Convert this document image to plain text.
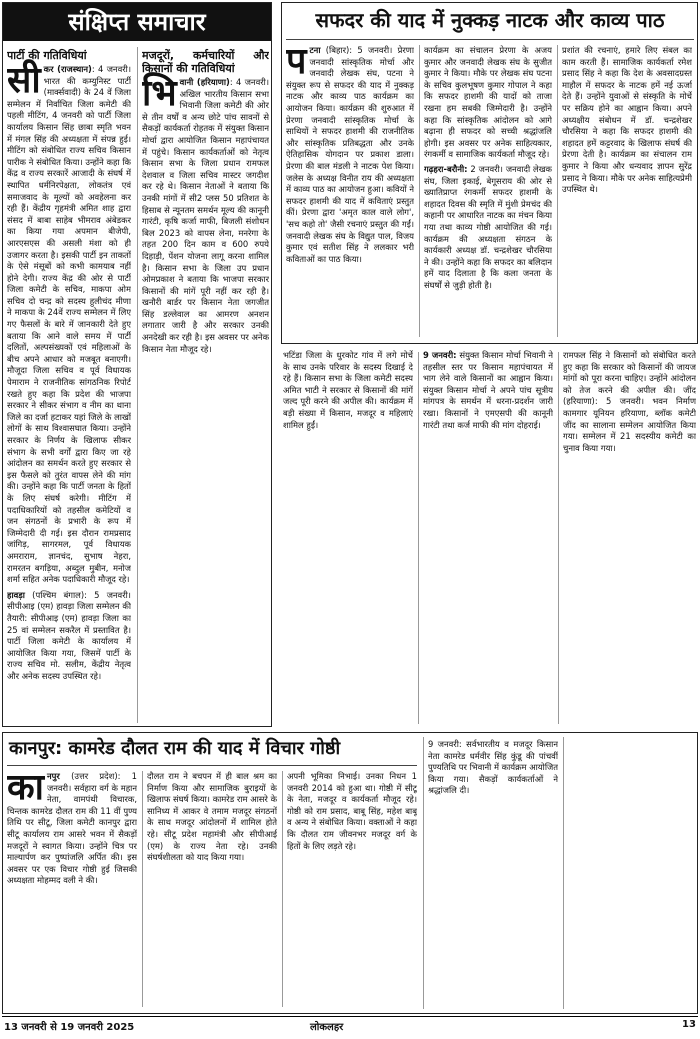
संक्षिप्त समाचार
पार्टी की गतिविधियां
सी कर (राजस्थान): 4 जनवरी। भारत की कम्युनिस्ट पार्टी (मार्क्सवादी) के 24 वें जिला सम्मेलन में निर्वाचित जिला कमेटी की पहली मीटिंग, 4 जनवरी को पार्टी जिला कार्यालय किसान सिंह छाबा स्मृति भवन में मंगल सिंह की अध्यक्षता में संपन्न हुई। मीटिंग को संबोधित राज्य सचिव किसान पारीक ने संबोधित किया। उन्होंने कहा कि केंद्र व राज्य सरकारें आजादी के संघर्ष में स्थापित धर्मनिरपेक्षता, लोकतंत्र एवं समाजवाद के मूल्यों को अवहेलना कर रही हैं। केंद्रीय गृहमंत्री अमित शाह द्वारा संसद में बाबा साहेब भीमराव अंबेडकर का किया गया अपमान बीजेपी, आरएसएस की असली मंशा को ही उजागर करता है। इसकी पार्टी इन ताकतों के ऐसे मंसूबों को कभी कामयाब नहीं होने देगी। राज्य केंद्र की ओर से पार्टी जिला कमेटी के सचिव, माकपा ओम सचिव दो चन्द्र को सदस्य हुलीचंद मीणा ने माकपा के 24वें राज्य सम्मेलन में लिए गए फैसलों के बारे में जानकारी देते हुए बताया कि आने वाले समय में पार्टी दलितों, अल्पसंख्यकों एवं महिलाओं के बीच अपने आधार को मजबूत बनाएगी। मौजूदा जिला सचिव व पूर्व विधायक पेमाराम ने राजनीतिक सांगठनिक रिपोर्ट रखते हुए कहा कि प्रदेश की भाजपा सरकार ने सीकर संभाग व नीम का थाना जिले का दर्जा हटाकर यहां जिले के लाखों लोगों के साथ विश्वासघात किया। उन्होंने सरकार के निर्णय के खिलाफ सीकर संभाग के सभी वर्गों द्वारा किए जा रहे आंदोलन का समर्थन करते हुए सरकार से इस फैसले को तुरंत वापस लेने की मांग की। उन्होंने कहा कि पार्टी जनता के हितों के लिए संघर्ष करेगी। मीटिंग में पदाधिकारियों को तहसील कमेटियों व जन संगठनों के प्रभारी के रूप में जिम्मेदारी दी गई। इस दौरान रामप्रसाद जांगिड़, सागरमल, पूर्व विधायक अमराराम, ज्ञानचंद, सुभाष नेहरा, रामरतन बगड़िया, अब्दुल मुबीन, मनोज शर्मा सहित अनेक पदाधिकारी मौजूद रहे।
हावड़ा (पश्चिम बंगाल): 5 जनवरी। सीपीआइ (एम) हावड़ा जिला सम्मेलन की तैयारी: सीपीआइ (एम) हावड़ा जिला का 25 वां सम्मेलन सकरैल में प्रस्तावित है। पार्टी जिला कमेटी के कार्यालय में आयोजित किया गया, जिसमें पार्टी के राज्य सचिव मो. सलीम, केंद्रीय नेतृत्व और अनेक सदस्य उपस्थित रहे।
मजदूरों, कर्मचारियों और किसानों की गतिविधियां
भि वानी (हरियाणा): 4 जनवरी। अखिल भारतीय किसान सभा भिवानी जिला कमेटी की ओर से तीन वर्षों व अन्य छोटे पांच सावनों से सैकड़ों कार्यकर्ता रोहतक में संयुक्त किसान मोर्चा द्वारा आयोजित किसान महापंचायत में पहुंचे। किसान कार्यकर्ताओं को नेतृत्व किसान सभा के जिला प्रधान रामफल देशवाल व जिला सचिव मास्टर जगदीश कर रहे थे। किसान नेताओं ने बताया कि उनकी मांगों में सी2 प्लस 50 प्रतिशत के हिसाब से न्यूनतम समर्थन मूल्य की कानूनी गारंटी, कृषि कर्जा माफी, बिजली संशोधन बिल 2023 को वापस लेना, मनरेगा के तहत 200 दिन काम व 600 रुपये दिहाड़ी, पेंशन योजना लागू करना शामिल है। किसान सभा के जिला उप प्रधान ओमप्रकाश ने बताया कि भाजपा सरकार किसानों की मांगें पूरी नहीं कर रही है। खनौरी बार्डर पर किसान नेता जगजीत सिंह डल्लेवाल का आमरण अनशन लगातार जारी है और सरकार उनकी अनदेखी कर रही है। इस अवसर पर अनेक किसान नेता मौजूद रहे।
सफदर की याद में नुक्कड़ नाटक और काव्य पाठ
प टना (बिहार): 5 जनवरी। प्रेरणा जनवादी सांस्कृतिक मोर्चा और जनवादी लेखक संघ, पटना ने संयुक्त रूप से सफदर की याद में नुक्कड़ नाटक और काव्य पाठ कार्यक्रम का आयोजन किया। कार्यक्रम की शुरुआत में प्रेरणा जनवादी सांस्कृतिक मोर्चा के साथियों ने सफदर हाशमी की राजनीतिक और सांस्कृतिक प्रतिबद्धता और उनके ऐतिहासिक योगदान पर प्रकाश डाला। प्रेरणा की बाल मंडली ने नाटक पेश किया। जलेस के अध्यक्ष विनीत राय की अध्यक्षता में काव्य पाठ का आयोजन हुआ। कवियों ने सफदर हाशमी की याद में कविताएं प्रस्तुत कीं। प्रेरणा द्वारा 'अमृत काल वाले लोग', 'सच कहो तो' जैसी रचनाएं प्रस्तुत की गईं। जनवादी लेखक संघ के विद्युत पाल, विजय कुमार एवं सतीश सिंह ने ललकार भरी कविताओं का पाठ किया।
कार्यक्रम का संचालन प्रेरणा के अजय कुमार और जनवादी लेखक संघ के सुजीत कुमार ने किया। मौके पर लेखक संघ पटना के सचिव कुलभूषण कुमार गोपाल ने कहा कि सफदर हाशमी की यादों को ताजा रखना हम सबकी जिम्मेदारी है। उन्होंने कहा कि सांस्कृतिक आंदोलन को आगे बढ़ाना ही सफदर को सच्ची श्रद्धांजलि होगी। इस अवसर पर अनेक साहित्यकार, रंगकर्मी व सामाजिक कार्यकर्ता मौजूद रहे।
गढ़हरा-बरौनी: 2 जनवरी। जनवादी लेखक संघ, जिला इकाई, बेगूसराय की ओर से ख्यातिप्राप्त रंगकर्मी सफदर हाशमी के शहादत दिवस की स्मृति में मुंशी प्रेमचंद की कहानी पर आधारित नाटक का मंचन किया गया तथा काव्य गोष्ठी आयोजित की गई। कार्यक्रम की अध्यक्षता संगठन के कार्यकारी अध्यक्ष डॉ. चन्द्रशेखर चौरसिया ने की। उन्होंने कहा कि सफदर का बलिदान हमें याद दिलाता है कि कला जनता के संघर्षों से जुड़ी होती है।
प्रशांत की रचनाएं, हमारे लिए संबल का काम करती हैं। सामाजिक कार्यकर्ता रमेश प्रसाद सिंह ने कहा कि देश के अवसादग्रस्त माहौल में सफदर के नाटक हमें नई ऊर्जा देते हैं। उन्होंने युवाओं से संस्कृति के मोर्चे पर सक्रिय होने का आह्वान किया। अपने अध्यक्षीय संबोधन में डॉ. चन्द्रशेखर चौरसिया ने कहा कि सफदर हाशमी की शहादत हमें कट्टरवाद के खिलाफ संघर्ष की प्रेरणा देती है। कार्यक्रम का संचालन राम कुमार ने किया और धन्यवाद ज्ञापन सुरेंद्र प्रसाद ने किया। मौके पर अनेक साहित्यप्रेमी उपस्थित थे।
भटिंडा जिला के धुरकोट गांव में लगे मोर्चे के साथ उनके परिवार के सदस्य दिखाई दे रहे हैं। किसान सभा के जिला कमेटी सदस्य अमित भाटी ने सरकार से किसानों की मांगें जल्द पूरी करने की अपील की। कार्यक्रम में बड़ी संख्या में किसान, मजदूर व महिलाएं शामिल हुईं।
9 जनवरी: संयुक्त किसान मोर्चा भिवानी ने तहसील स्तर पर किसान महापंचायत में भाग लेने वाले किसानों का आह्वान किया। संयुक्त किसान मोर्चा ने अपने पांच सूत्रीय मांगपत्र के समर्थन में धरना-प्रदर्शन जारी रखा। किसानों ने एमएसपी की कानूनी गारंटी तथा कर्ज माफी की मांग दोहराई।
रामफल सिंह ने किसानों को संबोधित करते हुए कहा कि सरकार को किसानों की जायज मांगों को पूरा करना चाहिए। उन्होंने आंदोलन को तेज करने की अपील की। जींद (हरियाणा): 5 जनवरी। भवन निर्माण कामगार यूनियन हरियाणा, ब्लॉक कमेटी जींद का सालाना सम्मेलन आयोजित किया गया। सम्मेलन में 21 सदस्यीय कमेटी का चुनाव किया गया।
कानपुर: कामरेड दौलत राम की याद में विचार गोष्ठी
का नपुर (उत्तर प्रदेश): 1 जनवरी। सर्वहारा वर्ग के महान नेता, वामपंथी विचारक, चिन्तक कामरेड दौलत राम की 11 वीं पुण्य तिथि पर सीटू, जिला कमेटी कानपुर द्वारा सीटू कार्यालय राम आसरे भवन में सैकड़ों मजदूरों ने स्वागत किया। उन्होंने चित्र पर माल्यार्पण कर पुष्पांजलि अर्पित की। इस अवसर पर एक विचार गोष्ठी हुई जिसकी अध्यक्षता मोहम्मद वली ने की।
दौलत राम ने बचपन में ही बाल श्रम का निर्माण किया और सामाजिक बुराइयों के खिलाफ संघर्ष किया। कामरेड राम आसरे के सानिध्य में आकर वे तमाम मजदूर संगठनों के साथ मजदूर आंदोलनों में शामिल होते रहे। सीटू प्रदेश महामंत्री और सीपीआई (एम) के राज्य नेता रहे। उनकी संघर्षशीलता को याद किया गया।
अपनी भूमिका निभाई। उनका निधन 1 जनवरी 2014 को हुआ था। गोष्ठी में सीटू के नेता, मजदूर व कार्यकर्ता मौजूद रहे। गोष्ठी को राम प्रसाद, बाबू सिंह, महेश बाबू व अन्य ने संबोधित किया। वक्ताओं ने कहा कि दौलत राम जीवनभर मजदूर वर्ग के हितों के लिए लड़ते रहे।
9 जनवरी: सर्वभारतीय व मजदूर किसान नेता कामरेड धर्मवीर सिंह कुंडू की पांचवीं पुण्यतिथि पर भिवानी में कार्यक्रम आयोजित किया गया। सैकड़ों कार्यकर्ताओं ने श्रद्धांजलि दी।
13 जनवरी से 19 जनवरी 2025	लोकलहर	13
